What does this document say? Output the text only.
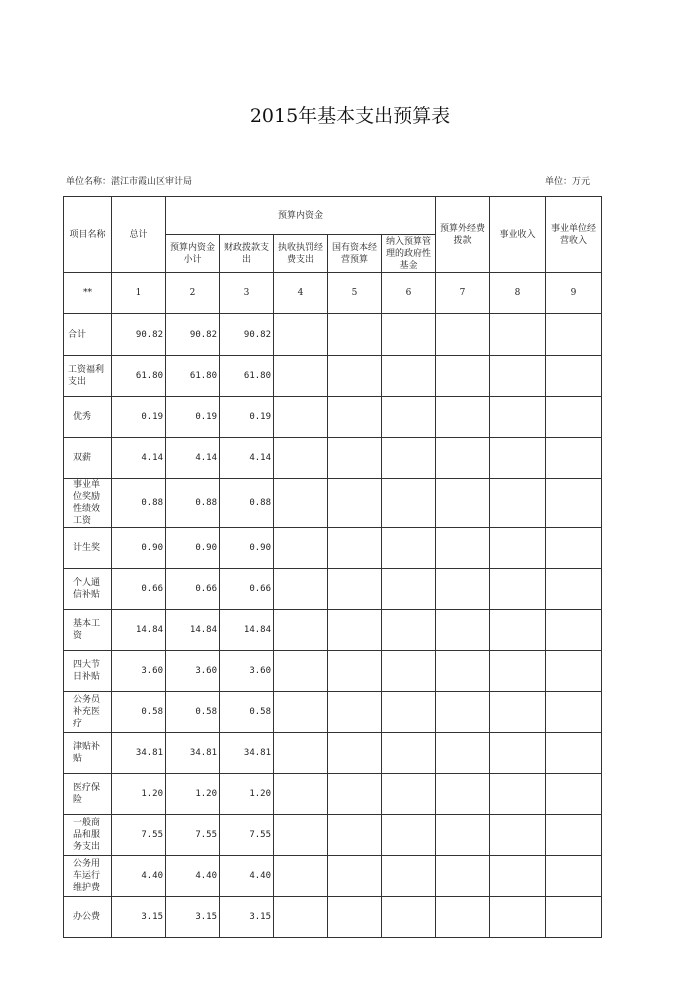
2015年基本支出预算表
单位名称：湛江市霞山区审计局	单位：万元
项目名称	总计	预算内资金					预算外经费拨款	事业收入	事业单位经营收入
		预算内资金小计	财政拨款支出	执收执罚经费支出	国有资本经营预算	纳入预算管理的政府性基金			
**	1	2	3	4	5	6	7	8	9
合计	90.82	90.82	90.82						
工资福利支出	61.80	61.80	61.80						
优秀	0.19	0.19	0.19						
双薪	4.14	4.14	4.14						
事业单位奖励性绩效工资	0.88	0.88	0.88						
计生奖	0.90	0.90	0.90						
个人通信补贴	0.66	0.66	0.66						
基本工资	14.84	14.84	14.84						
四大节日补贴	3.60	3.60	3.60						
公务员补充医疗	0.58	0.58	0.58						
津贴补贴	34.81	34.81	34.81						
医疗保险	1.20	1.20	1.20						
一般商品和服务支出	7.55	7.55	7.55						
公务用车运行维护费	4.40	4.40	4.40						
办公费	3.15	3.15	3.15						
